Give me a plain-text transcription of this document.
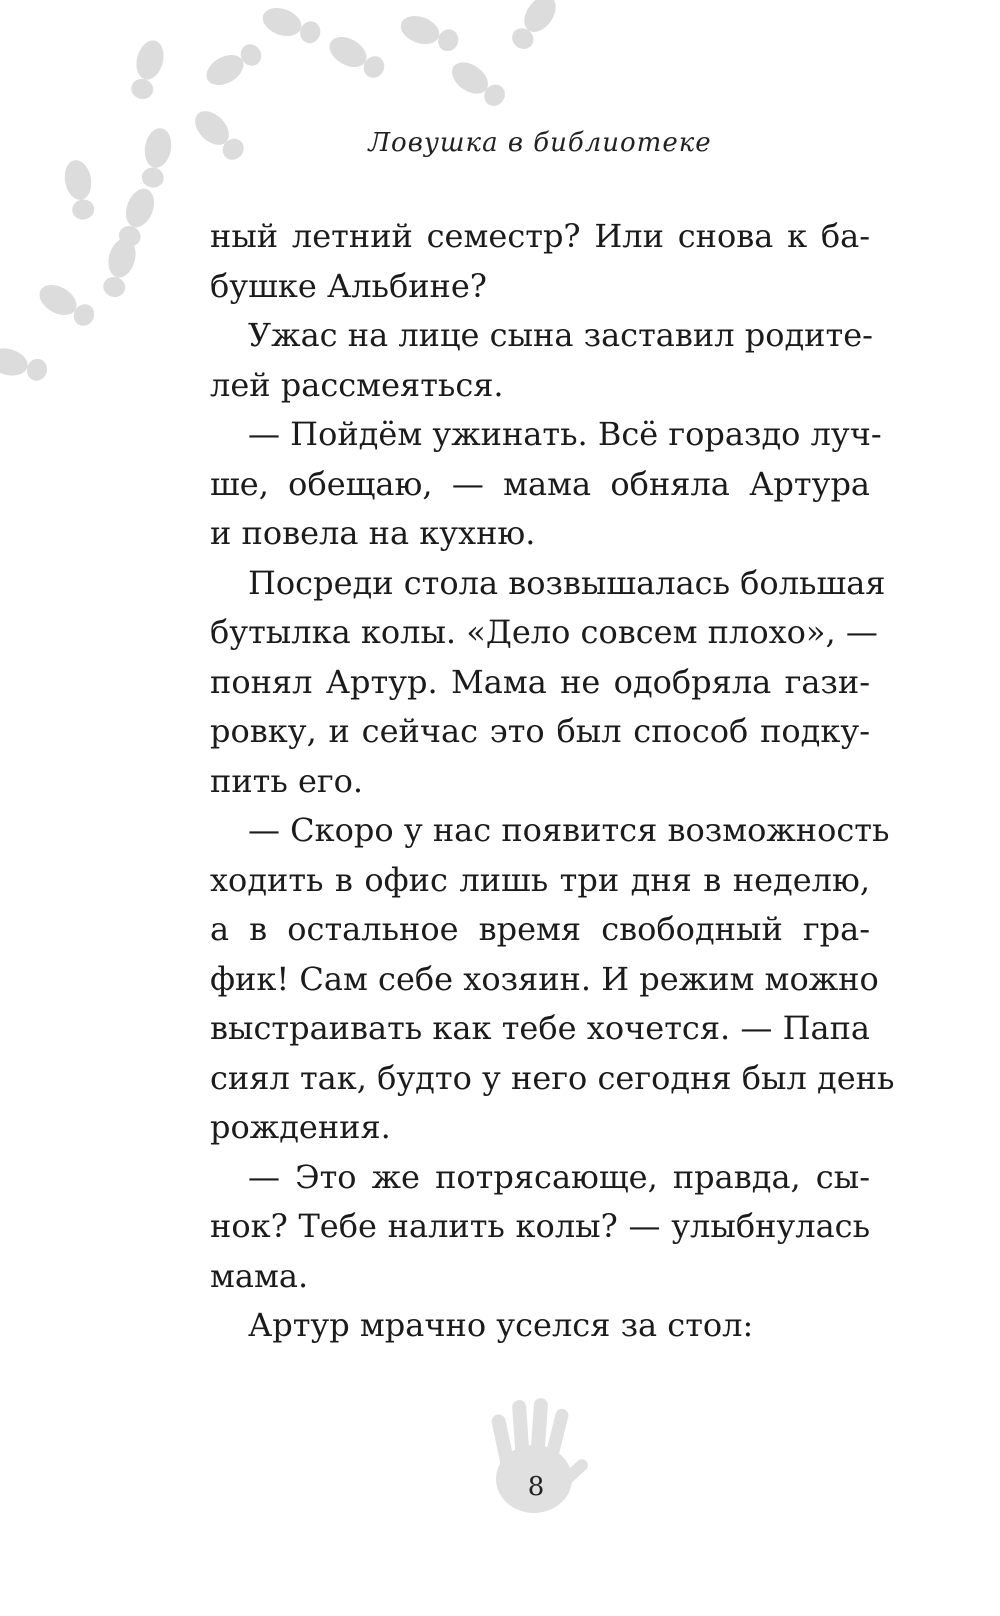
Ловушка в библиотеке
ный летний семестр? Или снова к ба-
бушке Альбине?
Ужас на лице сына заставил родите-
лей рассмеяться.
— Пойдём ужинать. Всё гораздо луч-
ше, обещаю, — мама обняла Артура
и повела на кухню.
Посреди стола возвышалась большая
бутылка колы. «Дело совсем плохо», —
понял Артур. Мама не одобряла гази-
ровку, и сейчас это был способ подку-
пить его.
— Скоро у нас появится возможность
ходить в офис лишь три дня в неделю,
а в остальное время свободный гра-
фик! Сам себе хозяин. И режим можно
выстраивать как тебе хочется. — Папа
сиял так, будто у него сегодня был день
рождения.
— Это же потрясающе, правда, сы-
нок? Тебе налить колы? — улыбнулась
мама.
Артур мрачно уселся за стол:
8
